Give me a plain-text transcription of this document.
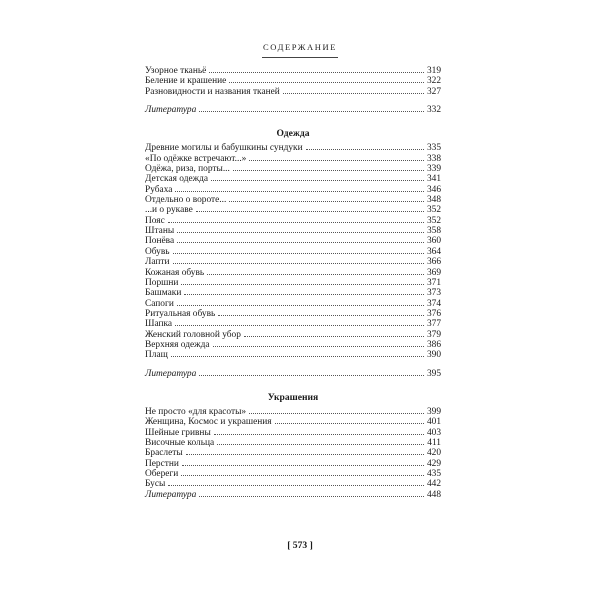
СОДЕРЖАНИЕ
Узорное тканьё	319
Беление и крашение	322
Разновидности и названия тканей	327
Литература	332
Одежда
Древние могилы и бабушкины сундуки	335
«По одёжке встречают...»	338
Одёжа, риза, порты...	339
Детская одежда	341
Рубаха	346
Отдельно о вороте...	348
...и о рукаве	352
Пояс	352
Штаны	358
Понёва	360
Обувь	364
Лапти	366
Кожаная обувь	369
Поршни	371
Башмаки	373
Сапоги	374
Ритуальная обувь	376
Шапка	377
Женский головной убор	379
Верхняя одежда	386
Плащ	390
Литература	395
Украшения
Не просто «для красоты»	399
Женщина, Космос и украшения	401
Шейные гривны	403
Височные кольца	411
Браслеты	420
Перстни	429
Обереги	435
Бусы	442
Литература	448
[ 573 ]
